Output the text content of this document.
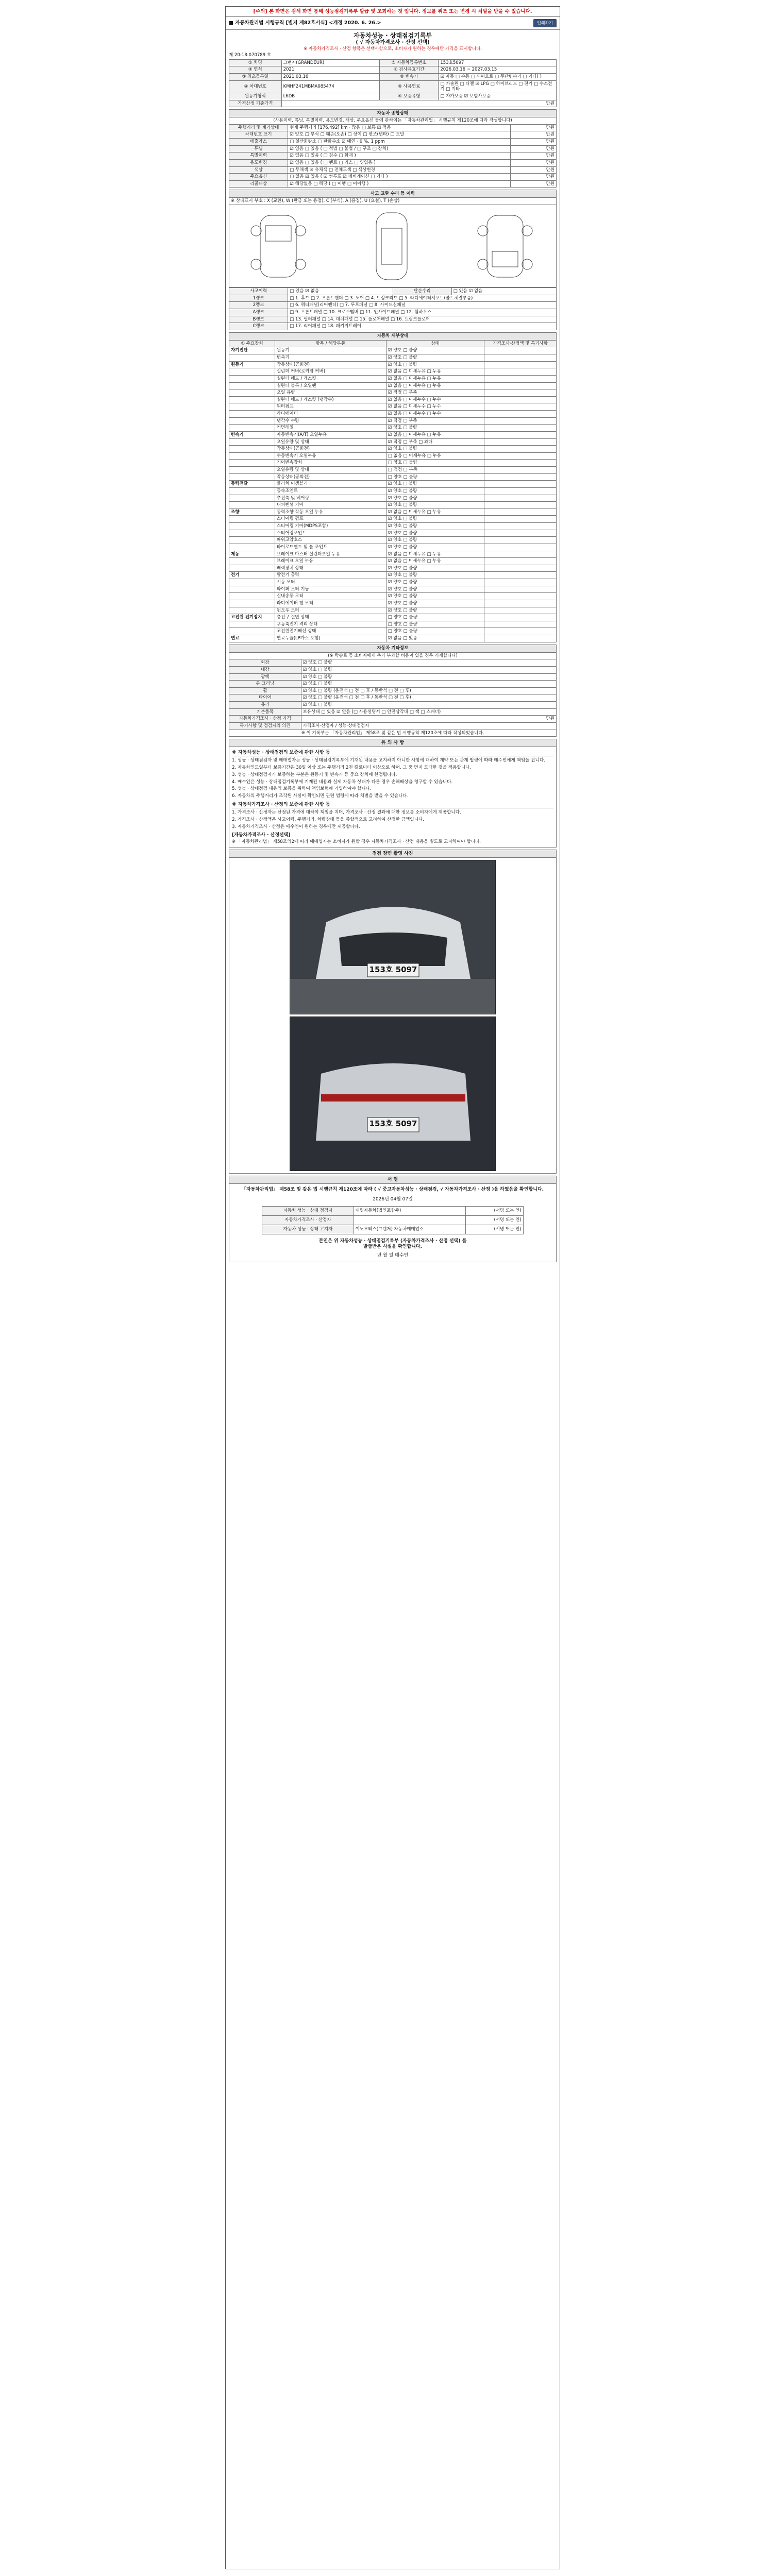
[주의] 본 화면은 검색 화면 통해 성능점검기록부 발급 및 조회하는 것 입니다. 정보를 위조 또는 변경 시 처벌을 받을 수 있습니다.
■ 자동차관리법 시행규칙 [별지 제82호서식] <개정 2020. 6. 26.>	인쇄하기
자동차성능 · 상태점검기록부
( √ 자동차가격조사 · 산정 선택)
※ 자동차가격조사 · 산정 항목은 선택사항으로, 소비자가 원하는 경우에만 가격을 표시합니다.
제 20-18-070789 호
① 차명	그랜저(GRANDEUR)	⑥ 자동차등록번호	153호5097
② 연식	2021	⑦ 검사유효기간	2026.03.16 ~ 2027.03.15
③ 최초등록일	2021.03.16	⑧ 변속기	☑ 자동 □ 수동 □ 세미오토 □ 무단변속기 □ 기타( )
④ 차대번호	KMHF241MBMA085474	⑨ 사용연료	□ 가솔린 □ 디젤 ☑ LPG □ 하이브리드 □ 전기 □ 수소전기 □ 기타
원동기형식	L6DB	⑤ 보증유형	□ 자가보증 ☑ 보험사보증
가격산정 기준가격	만원		
자동차 종합상태		
(사용이력, 튜닝, 특별이력, 용도변경, 색상, 주요옵션 등에 관하여는 「자동차관리법」 시행규칙 제120조에 따라 작성합니다)		
주행거리 및 계기상태	현재 주행거리 [176,492] km · 많음 □ 보통 ☑ 적음	만원
차대번호 표기	☑ 양호 □ 부식 □ 훼손(오손) □ 상이 □ 변조(변타) □ 도말	만원
배출가스	□ 일산화탄소 □ 탄화수소 ☑ 매연 · 0 %, 1 ppm	만원
튜닝	☑ 없음 □ 있음 ( □ 적법 □ 불법 / □ 구조 □ 장치)	만원
특별이력	☑ 없음 □ 있음 ( □ 침수 □ 화재 )	만원
용도변경	☑ 없음 □ 있음 ( □ 렌트 □ 리스 □ 영업용 )	만원
색상	□ 무채색 ☑ 유채색 □ 전체도색 □ 색상변경	만원
주요옵션	□ 없음 ☑ 있음 ( ☑ 썬루프 ☑ 네비게이션 □ 기타 )	만원
리콜대상	☑ 해당없음 □ 해당 ( □ 이행 □ 미이행 )	만원
사고 교환 수리 등 이력
※ 상태표시 부호 : X (교환), W (판금 또는 용접), C (부식), A (흠집), U (요철), T (손상)
사고이력	□ 있음 ☑ 없음	단순수리	□ 있음 ☑ 없음
1랭크	□ 1. 후드 □ 2. 프론트펜더 □ 3. 도어 □ 4. 트렁크리드 □ 5. 라디에이터서포트(볼트체결부품)		
2랭크	□ 6. 쿼터패널(리어펜더) □ 7. 루프패널 □ 8. 사이드실패널		
A랭크	□ 9. 프론트패널 □ 10. 크로스멤버 □ 11. 인사이드패널 □ 12. 휠하우스		
B랭크	□ 13. 필러패널 □ 14. 대쉬패널 □ 15. 플로어패널 □ 16. 트렁크플로어		
C랭크	□ 17. 리어패널 □ 18. 패키지트레이		
자동차 세부상태			
① 주요장치	항목 / 해당부품	상태	가격조사·산정액 및 특기사항
자기진단	원동기	☑ 양호 □ 불량	
	변속기	☑ 양호 □ 불량	
원동기	작동상태(공회전)	☑ 양호 □ 불량	
	실린더 커버(로커암 커버)	☑ 없음 □ 미세누유 □ 누유	
	실린더 헤드 / 개스킷	☑ 없음 □ 미세누유 □ 누유	
	실린더 블록 / 오일팬	☑ 없음 □ 미세누유 □ 누유	
	오일 유량	☑ 적정 □ 부족	
	실린더 헤드 / 개스킷 (냉각수)	☑ 없음 □ 미세누수 □ 누수	
	워터펌프	☑ 없음 □ 미세누수 □ 누수	
	라디에이터	☑ 없음 □ 미세누수 □ 누수	
	냉각수 수량	☑ 적정 □ 부족	
	커먼레일	☑ 양호 □ 불량	
변속기	자동변속기(A/T) 오일누유	☑ 없음 □ 미세누유 □ 누유	
	오일유량 및 상태	☑ 적정 □ 부족 □ 과다	
	작동상태(공회전)	☑ 양호 □ 불량	
	수동변속기 오일누유	□ 없음 □ 미세누유 □ 누유	
	기어변속장치	□ 양호 □ 불량	
	오일유량 및 상태	□ 적정 □ 부족	
	작동상태(공회전)	□ 양호 □ 불량	
동력전달	클러치 어셈블리	☑ 양호 □ 불량	
	등속조인트	☑ 양호 □ 불량	
	추진축 및 베어링	☑ 양호 □ 불량	
	디퍼렌셜 기어	☑ 양호 □ 불량	
조향	동력조향 작동 오일 누유	☑ 없음 □ 미세누유 □ 누유	
	스티어링 펌프	☑ 양호 □ 불량	
	스티어링 기어(MDPS포함)	☑ 양호 □ 불량	
	스티어링조인트	☑ 양호 □ 불량	
	파워고압호스	☑ 양호 □ 불량	
	타이로드엔드 및 볼 조인트	☑ 양호 □ 불량	
제동	브레이크 마스터 실린더오일 누유	☑ 없음 □ 미세누유 □ 누유	
	브레이크 오일 누유	☑ 없음 □ 미세누유 □ 누유	
	배력장치 상태	☑ 양호 □ 불량	
전기	발전기 출력	☑ 양호 □ 불량	
	시동 모터	☑ 양호 □ 불량	
	와이퍼 모터 기능	☑ 양호 □ 불량	
	실내송풍 모터	☑ 양호 □ 불량	
	라디에이터 팬 모터	☑ 양호 □ 불량	
	윈도우 모터	☑ 양호 □ 불량	
고전원 전기장치	충전구 절연 상태	□ 양호 □ 불량	
	구동축전지 격리 상태	□ 양호 □ 불량	
	고전원전기배선 상태	□ 양호 □ 불량	
연료	연료누출(LP가스 포함)	☑ 없음 □ 있음	
자동차 기타정보	
(※ 탁송료 등 소비자에게 추가 부과할 비용이 있을 경우 기재합니다)	
외장	☑ 양호 □ 불량
내장	☑ 양호 □ 불량
광택	☑ 양호 □ 불량
룸 크리닝	☑ 양호 □ 불량
휠	☑ 양호 □ 불량 (운전석 □ 전 □ 후 / 동반석 □ 전 □ 후)
타이어	☑ 양호 □ 불량 (운전석 □ 전 □ 후 / 동반석 □ 전 □ 후)
유리	☑ 양호 □ 불량
기본품목	보유상태 □ 있음 ☑ 없음 (□ 사용설명서 □ 안전삼각대 □ 잭 □ 스패너)
자동차가격조사 · 산정 가격	만원
특기사항 및 점검자의 의견	가격조사·산정자 / 성능·상태점검자
※ 이 기록부는 「자동차관리법」 제58조 및 같은 법 시행규칙 제120조에 따라 작성되었습니다.	
유 의 사 항
※ 자동차성능 · 상태점검의 보증에 관한 사항 등

1. 성능 · 상태점검자 및 매매업자는 성능 · 상태점검기록부에 기재된 내용을 고지하지 아니한 사항에 대하여 계약 또는 관계 법령에 따라 매수인에게 책임을 집니다.

2. 자동차인도일부터 보증기간은 30일 이상 또는 주행거리 2천 킬로미터 이상으로 하며, 그 중 먼저 도래한 것을 적용합니다.

3. 성능 · 상태점검자가 보증하는 부분은 원동기 및 변속기 등 중요 장치에 한정됩니다.

4. 매수인은 성능 · 상태점검기록부에 기재된 내용과 실제 자동차 상태가 다른 경우 손해배상을 청구할 수 있습니다.

5. 성능 · 상태점검 내용의 보증을 위하여 책임보험에 가입하여야 합니다.

6. 자동차의 주행거리가 조작된 사실이 확인되면 관련 법령에 따라 처벌을 받을 수 있습니다.

※ 자동차가격조사 · 산정의 보증에 관한 사항 등

1. 가격조사 · 산정자는 산정된 가격에 대하여 책임을 지며, 가격조사 · 산정 결과에 대한 정보를 소비자에게 제공합니다.

2. 가격조사 · 산정액은 사고이력, 주행거리, 차량상태 등을 종합적으로 고려하여 산정한 금액입니다.

3. 자동차가격조사 · 산정은 매수인이 원하는 경우에만 제공합니다.

[자동차가격조사 · 산정선택]

※ 「자동차관리법」 제58조의2에 따라 매매업자는 소비자가 원할 경우 자동차가격조사 · 산정 내용을 별도로 고지하여야 합니다.

점검 장면 촬영 사진
153호 5097
153호 5097
서 명

「자동차관리법」 제58조 및 같은 법 시행규칙 제120조에 따라 ( √ 중고자동차성능 · 상태점검, √ 자동차가격조사 · 산정 )을 하였음을 확인합니다.

2026년 04월 07일

자동차 성능 · 상태 점검자	대명자동차(법인포함주)	(서명 또는 인)
자동차가격조사 · 산정자		(서명 또는 인)
자동차 성능 · 상태 고지자	이노모터스(그랜저) 자동차매매업소	(서명 또는 인)

본인은 위 자동차성능 · 상태점검기록부 (자동차가격조사 · 산정 선택) 를

발급받은 사실을 확인합니다.

년 월 일 매수인
